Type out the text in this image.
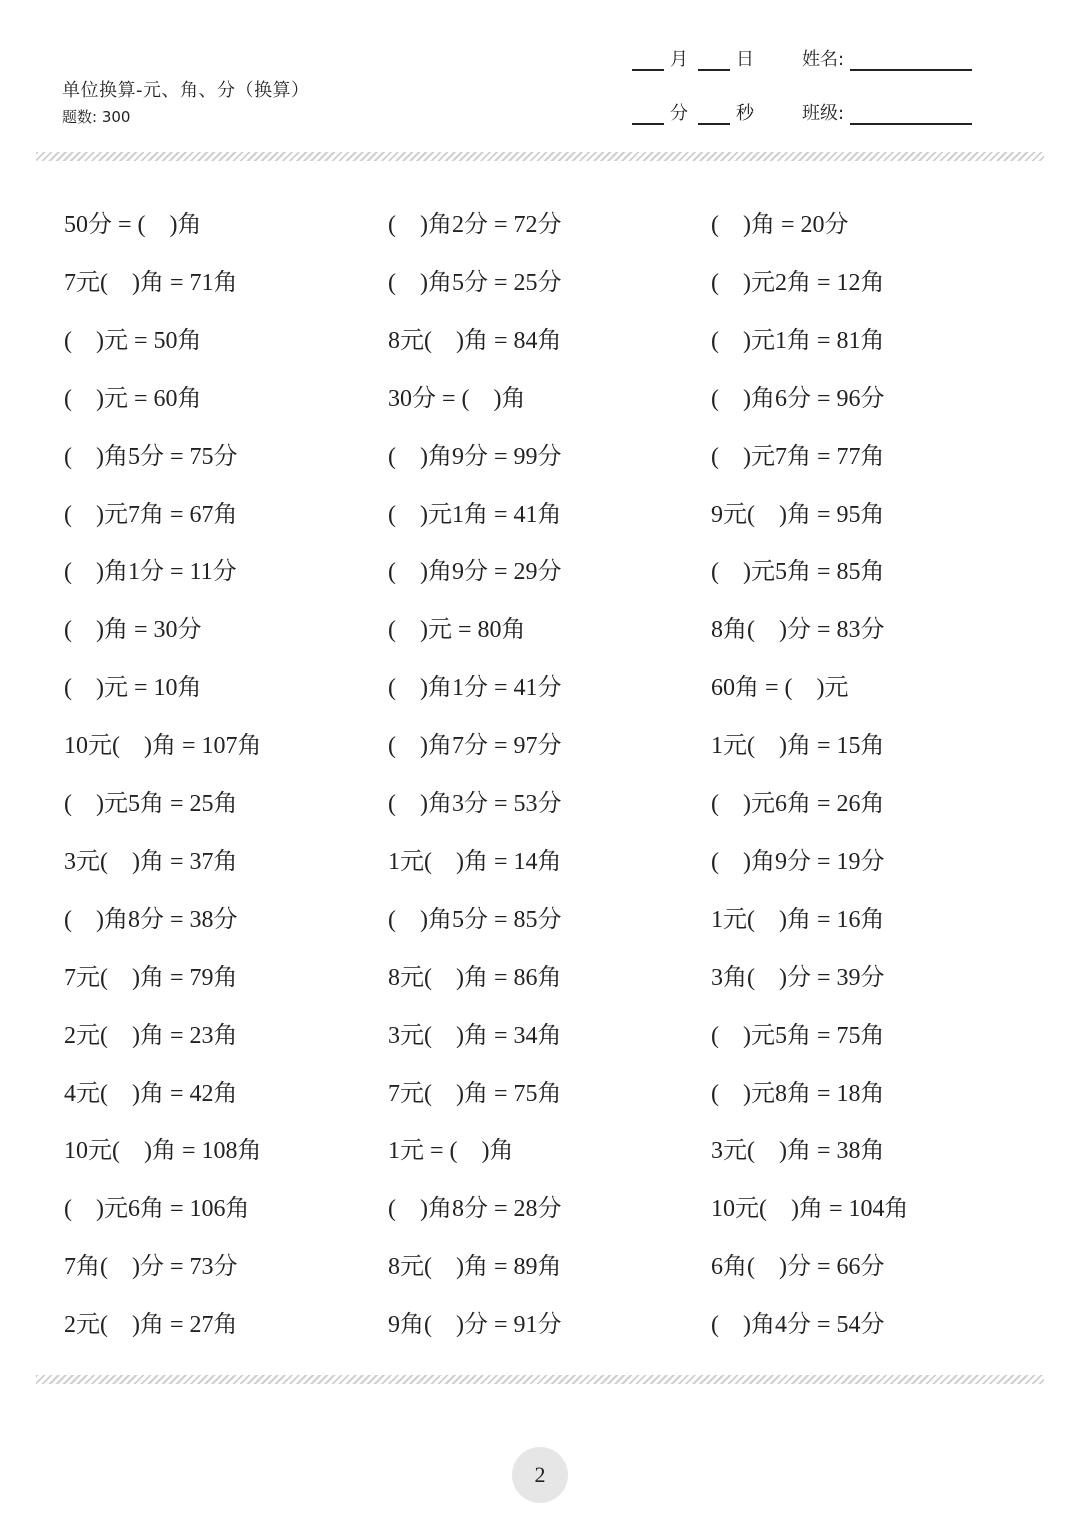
单位换算-元、角、分（换算）
题数: 300
月	日	姓名:
分	秒	班级:
50分 = (    )角	(    )角2分 = 72分	(    )角 = 20分
7元(    )角 = 71角	(    )角5分 = 25分	(    )元2角 = 12角
(    )元 = 50角	8元(    )角 = 84角	(    )元1角 = 81角
(    )元 = 60角	30分 = (    )角	(    )角6分 = 96分
(    )角5分 = 75分	(    )角9分 = 99分	(    )元7角 = 77角
(    )元7角 = 67角	(    )元1角 = 41角	9元(    )角 = 95角
(    )角1分 = 11分	(    )角9分 = 29分	(    )元5角 = 85角
(    )角 = 30分	(    )元 = 80角	8角(    )分 = 83分
(    )元 = 10角	(    )角1分 = 41分	60角 = (    )元
10元(    )角 = 107角	(    )角7分 = 97分	1元(    )角 = 15角
(    )元5角 = 25角	(    )角3分 = 53分	(    )元6角 = 26角
3元(    )角 = 37角	1元(    )角 = 14角	(    )角9分 = 19分
(    )角8分 = 38分	(    )角5分 = 85分	1元(    )角 = 16角
7元(    )角 = 79角	8元(    )角 = 86角	3角(    )分 = 39分
2元(    )角 = 23角	3元(    )角 = 34角	(    )元5角 = 75角
4元(    )角 = 42角	7元(    )角 = 75角	(    )元8角 = 18角
10元(    )角 = 108角	1元 = (    )角	3元(    )角 = 38角
(    )元6角 = 106角	(    )角8分 = 28分	10元(    )角 = 104角
7角(    )分 = 73分	8元(    )角 = 89角	6角(    )分 = 66分
2元(    )角 = 27角	9角(    )分 = 91分	(    )角4分 = 54分
2
